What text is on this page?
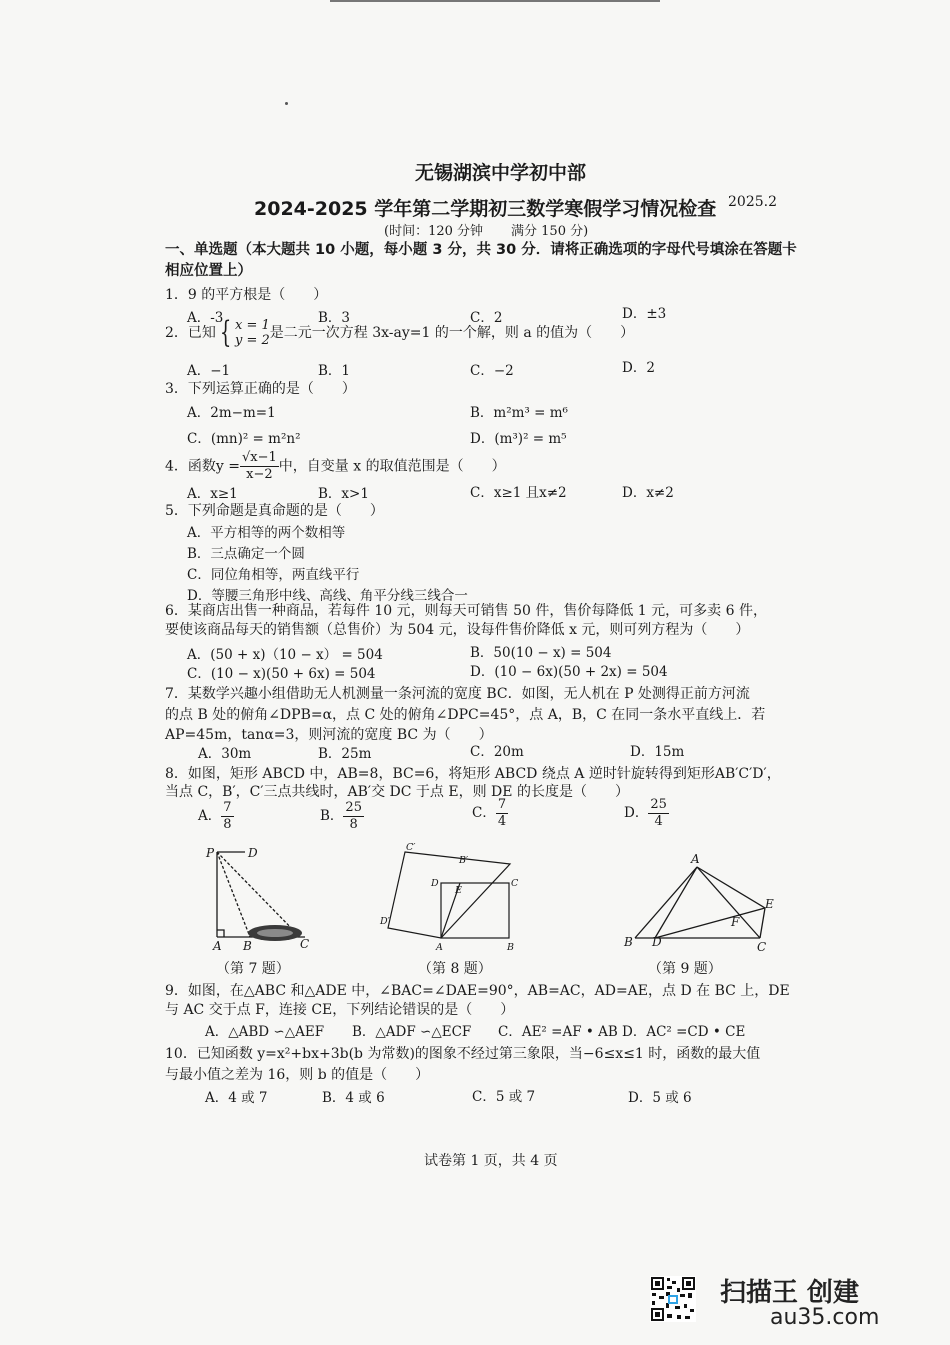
无锡湖滨中学初中部
2024-2025 学年第二学期初三数学寒假学习情况检查 2025.2
(时间：120 分钟 满分 150 分)
一、单选题（本大题共 10 小题，每小题 3 分，共 30 分．请将正确选项的字母代号填涂在答题卡相应位置上）
1．9 的平方根是（　　）
A．-3	B．3	C．2	D．±3
2．已知 { x = 1
y = 2 是二元一次方程 3x-ay=1 的一个解，则 a 的值为（　　）
A．−1	B．1	C．−2	D．2
3．下列运算正确的是（　　）
A．2m−m=1	B．m²m³ = m⁶
C．(mn)² = m²n²	D．(m³)² = m⁵
4．函数$y = \frac{√x-1}{x-2}$ 中，自变量 x 的取值范围是（　　）
A．x≥1	B．x>1	C．x≥1 且x≠2	D．x≠2
5．下列命题是真命题的是（　　）
A．平方相等的两个数相等
B．三点确定一个圆
C．同位角相等，两直线平行
D．等腰三角形中线、高线、角平分线三线合一
6．某商店出售一种商品，若每件 10 元，则每天可销售 50 件，售价每降低 1 元，可多卖 6 件，
要使该商品每天的销售额（总售价）为 504 元，设每件售价降低 x 元，则可列方程为（　　）
A．(50 + x)（10 − x） = 504	B．50(10 − x) = 504
C．(10 − x)(50 + 6x) = 504	D．(10 − 6x)(50 + 2x) = 504
7．某数学兴趣小组借助无人机测量一条河流的宽度 BC．如图，无人机在 P 处测得正前方河流
的点 B 处的俯角∠DPB=α，点 C 处的俯角∠DPC=45°，点 A，B，C 在同一条水平直线上．若
AP=45m，tanα=3，则河流的宽度 BC 为（　　）
A．30m	B．25m	C．20m	D．15m
8．如图，矩形 ABCD 中，AB=8，BC=6，将矩形 ABCD 绕点 A 逆时针旋转得到矩形AB′C′D′，
当点 C，B′，C′三点共线时，AB′交 DC 于点 E，则 DE 的长度是（　　）
A． $\frac{7}{8}$	B． $\frac{25}{8}$	C． $\frac{7}{4}$	D． $\frac{25}{4}$
P	D
A B	C
（第 7 题）
C′
B′
D
E
C
D′
A	B
（第 8 题）
A
E
F
B D	C
（第 9 题）
9．如图，在△ABC 和△ADE 中，∠BAC=∠DAE=90°，AB=AC，AD=AE，点 D 在 BC 上，DE
与 AC 交于点 F，连接 CE，下列结论错误的是（　　）
A．△ABD ∽△AEF B．△ADF ∽△ECF C．AE² =AF • AB D．AC² =CD • CE
10．已知函数 y=x²+bx+3b(b 为常数)的图象不经过第三象限，当−6≤x≤1 时，函数的最大值
与最小值之差为 16，则 b 的值是（　　）
A．4 或 7	B．4 或 6	C．5 或 7	D．5 或 6
试卷第 1 页，共 4 页
扫描王 创建
au35.com
